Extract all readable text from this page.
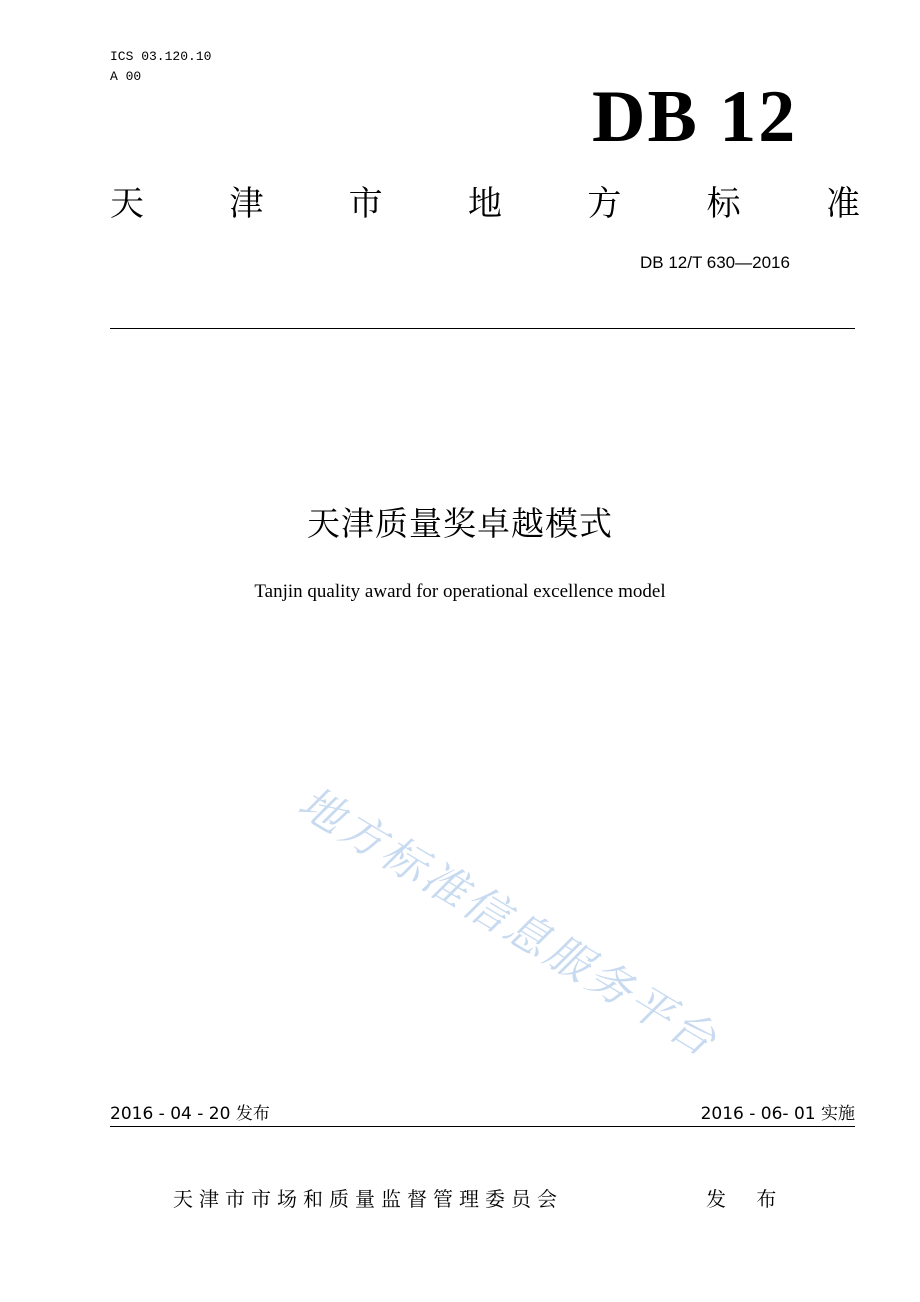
ICS 03.120.10
A 00	DB 12
天	津	市	地	方	标	准
DB 12/T 630—2016
天津质量奖卓越模式
Tanjin quality award for operational excellence model
地方标准信息服务平台
2016 - 04 - 20 发布	2016 - 06- 01 实施
天津市市场和质量监督管理委员会	发 布
